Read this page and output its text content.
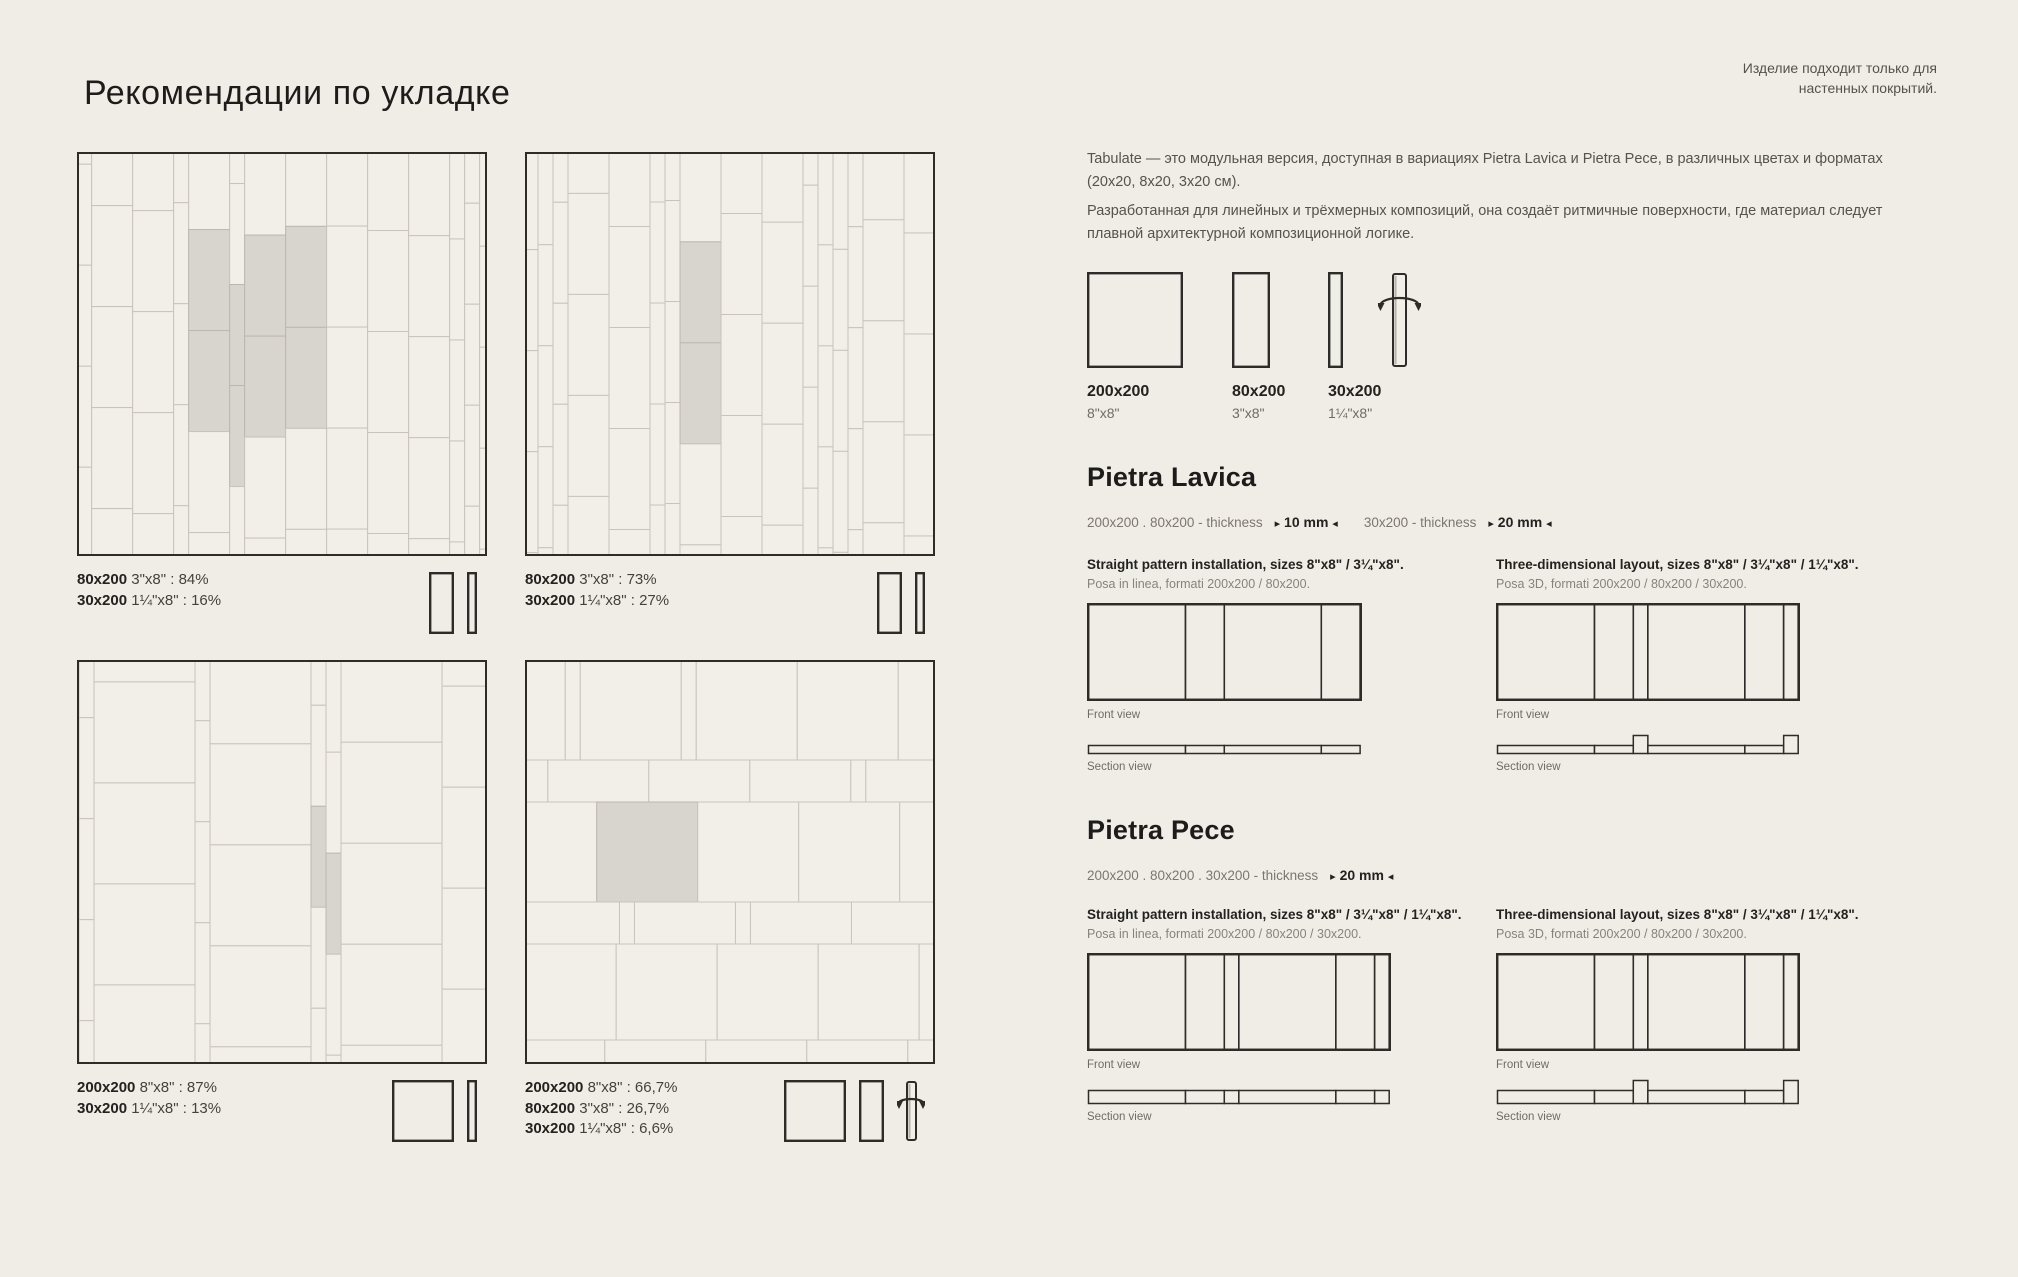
Рекомендации по укладке
Изделие подходит только для
настенных покрытий.

Tabulate — это модульная версия, доступная в вариациях Pietra Lavica и Pietra Pece, в различных цветах и форматах (20x20, 8x20, 3x20 см).

Разработанная для линейных и трёхмерных композиций, она создаёт ритмичные поверхности, где материал следует плавной архитектурной композиционной логике.

80x200 3"x8" : 84%
30x200 1¼"x8" : 16%
80x200 3"x8" : 73%
30x200 1¼"x8" : 27%
200x200 8"x8" : 87%
30x200 1¼"x8" : 13%
200x200 8"x8" : 66,7%
80x200 3"x8" : 26,7%
30x200 1¼"x8" : 6,6%
200x200
8"x8"
80x200
3"x8"
30x200
1¼"x8"
Pietra Lavica
200x200 . 80x200 - thickness ▸ 10 mm ◂ 30x200 - thickness ▸ 20 mm ◂
Straight pattern installation, sizes 8"x8" / 3¼"x8".
Posa in linea, formati 200x200 / 80x200.
Front view
Section view
Three-dimensional layout, sizes 8"x8" / 3¼"x8" / 1¼"x8".
Posa 3D, formati 200x200 / 80x200 / 30x200.
Front view
Section view
Pietra Pece
200x200 . 80x200 . 30x200 - thickness ▸ 20 mm ◂
Straight pattern installation, sizes 8"x8" / 3¼"x8" / 1¼"x8".
Posa in linea, formati 200x200 / 80x200 / 30x200.
Front view
Section view
Three-dimensional layout, sizes 8"x8" / 3¼"x8" / 1¼"x8".
Posa 3D, formati 200x200 / 80x200 / 30x200.
Front view
Section view
